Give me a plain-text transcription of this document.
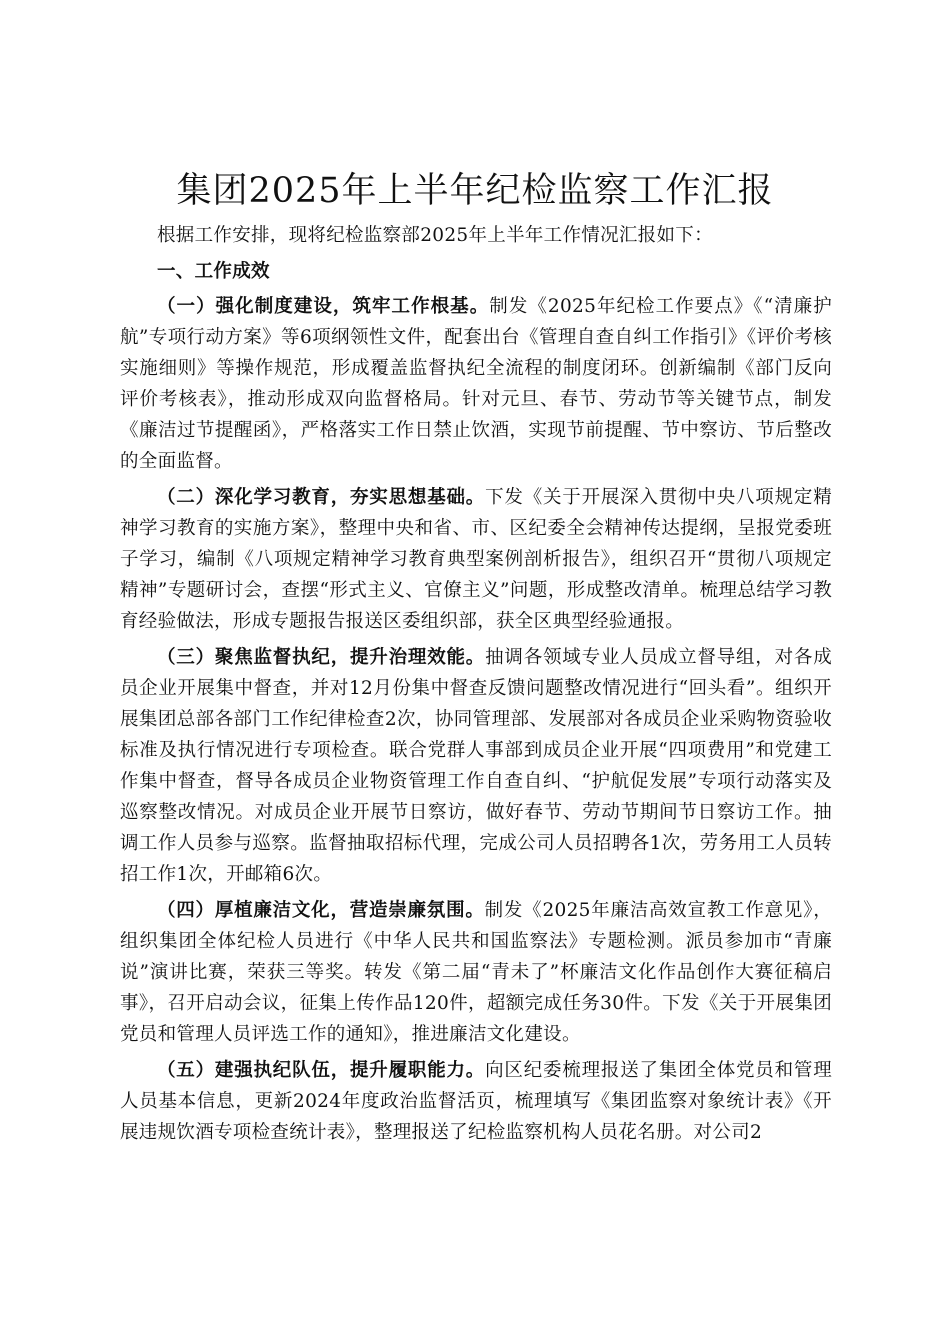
集团2025年上半年纪检监察工作汇报

根据工作安排，现将纪检监察部2025年上半年工作情况汇报如下：

一、工作成效

（一）强化制度建设，筑牢工作根基。制发《2025年纪检工作要点》《“清廉护航”专项行动方案》等6项纲领性文件，配套出台《管理自查自纠工作指引》《评价考核实施细则》等操作规范，形成覆盖监督执纪全流程的制度闭环。创新编制《部门反向评价考核表》，推动形成双向监督格局。针对元旦、春节、劳动节等关键节点，制发《廉洁过节提醒函》，严格落实工作日禁止饮酒，实现节前提醒、节中察访、节后整改的全面监督。

（二）深化学习教育，夯实思想基础。下发《关于开展深入贯彻中央八项规定精神学习教育的实施方案》，整理中央和省、市、区纪委全会精神传达提纲，呈报党委班子学习，编制《八项规定精神学习教育典型案例剖析报告》，组织召开“贯彻八项规定精神”专题研讨会，查摆“形式主义、官僚主义”问题，形成整改清单。梳理总结学习教育经验做法，形成专题报告报送区委组织部，获全区典型经验通报。

（三）聚焦监督执纪，提升治理效能。抽调各领域专业人员成立督导组，对各成员企业开展集中督查，并对12月份集中督查反馈问题整改情况进行“回头看”。组织开展集团总部各部门工作纪律检查2次，协同管理部、发展部对各成员企业采购物资验收标准及执行情况进行专项检查。联合党群人事部到成员企业开展“四项费用”和党建工作集中督查，督导各成员企业物资管理工作自查自纠、“护航促发展”专项行动落实及巡察整改情况。对成员企业开展节日察访，做好春节、劳动节期间节日察访工作。抽调工作人员参与巡察。监督抽取招标代理，完成公司人员招聘各1次，劳务用工人员转招工作1次，开邮箱6次。

（四）厚植廉洁文化，营造崇廉氛围。制发《2025年廉洁高效宣教工作意见》，组织集团全体纪检人员进行《中华人民共和国监察法》专题检测。派员参加市“青廉说”演讲比赛，荣获三等奖。转发《第二届“青未了”杯廉洁文化作品创作大赛征稿启事》，召开启动会议，征集上传作品120件，超额完成任务30件。下发《关于开展集团党员和管理人员评选工作的通知》，推进廉洁文化建设。

（五）建强执纪队伍，提升履职能力。向区纪委梳理报送了集团全体党员和管理人员基本信息，更新2024年度政治监督活页，梳理填写《集团监察对象统计表》《开展违规饮酒专项检查统计表》，整理报送了纪检监察机构人员花名册。对公司2
